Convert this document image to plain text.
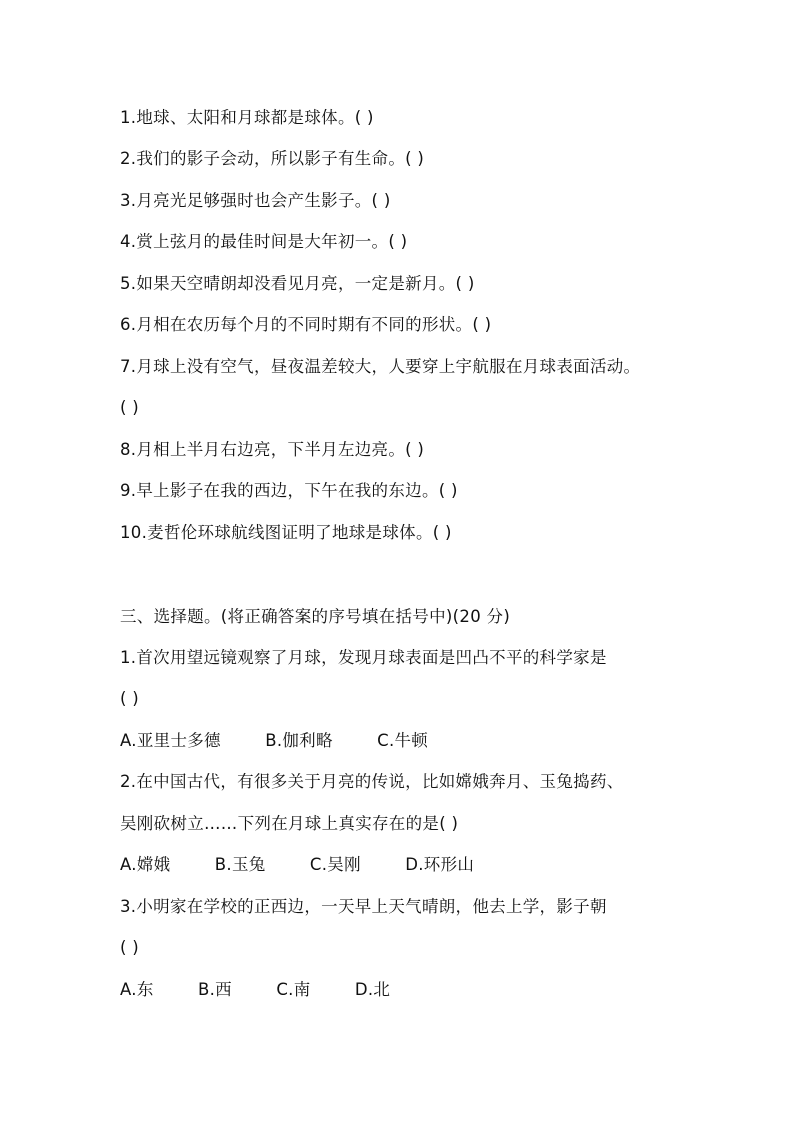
1.地球、太阳和月球都是球体。( )
2.我们的影子会动，所以影子有生命。( )
3.月亮光足够强时也会产生影子。( )
4.赏上弦月的最佳时间是大年初一。( )
5.如果天空晴朗却没看见月亮，一定是新月。( )
6.月相在农历每个月的不同时期有不同的形状。( )
7.月球上没有空气，昼夜温差较大，人要穿上宇航服在月球表面活动。
( )
8.月相上半月右边亮，下半月左边亮。( )
9.早上影子在我的西边，下午在我的东边。( )
10.麦哲伦环球航线图证明了地球是球体。( )
三、选择题。(将正确答案的序号填在括号中)(20 分)
1.首次用望远镜观察了月球，发现月球表面是凹凸不平的科学家是
( )
A.亚里士多德        B.伽利略        C.牛顿
2.在中国古代，有很多关于月亮的传说，比如嫦娥奔月、玉兔捣药、
吴刚砍树立……下列在月球上真实存在的是( )
A.嫦娥        B.玉兔        C.吴刚        D.环形山
3.小明家在学校的正西边，一天早上天气晴朗，他去上学，影子朝
( )
A.东        B.西        C.南        D.北
